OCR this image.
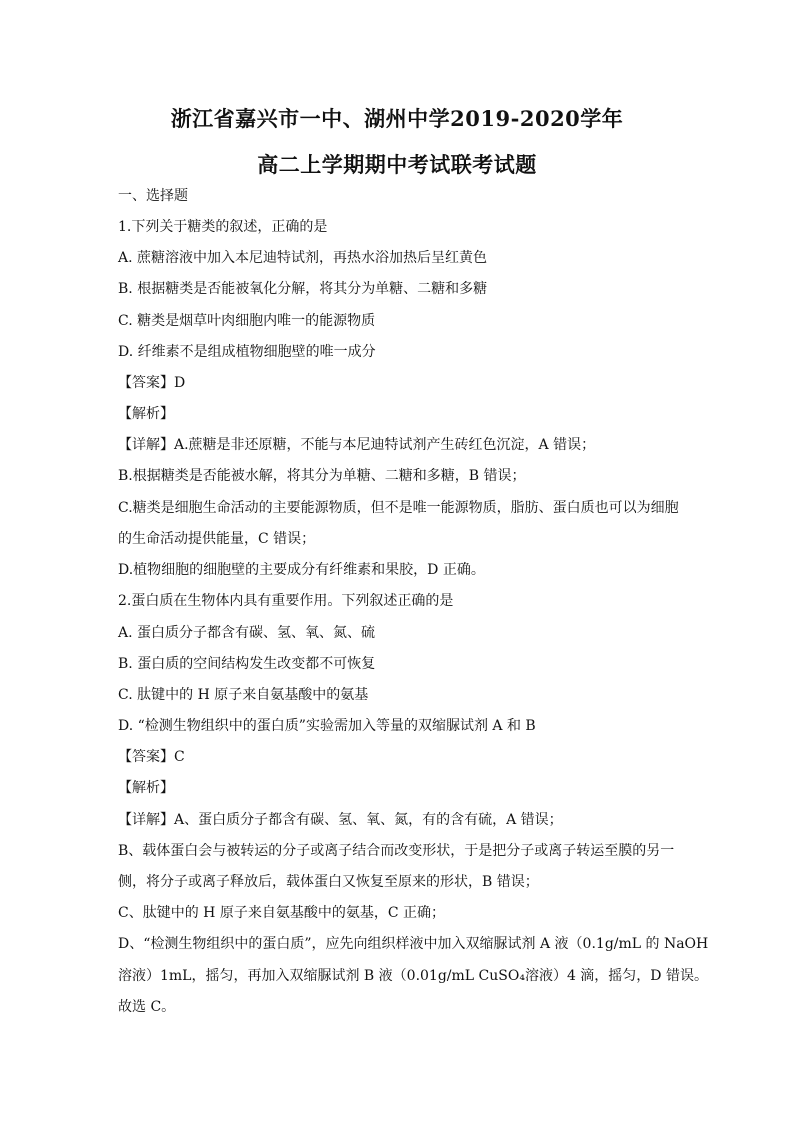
浙江省嘉兴市一中、湖州中学2019-2020学年
高二上学期期中考试联考试题
一、选择题
1.下列关于糖类的叙述，正确的是
A. 蔗糖溶液中加入本尼迪特试剂，再热水浴加热后呈红黄色
B. 根据糖类是否能被氧化分解，将其分为单糖、二糖和多糖
C. 糖类是烟草叶肉细胞内唯一的能源物质
D. 纤维素不是组成植物细胞壁的唯一成分
【答案】D
【解析】
【详解】A.蔗糖是非还原糖，不能与本尼迪特试剂产生砖红色沉淀，A 错误；
B.根据糖类是否能被水解，将其分为单糖、二糖和多糖，B 错误；
C.糖类是细胞生命活动的主要能源物质，但不是唯一能源物质，脂肪、蛋白质也可以为细胞
的生命活动提供能量，C 错误；
D.植物细胞的细胞壁的主要成分有纤维素和果胶，D 正确。
2.蛋白质在生物体内具有重要作用。下列叙述正确的是
A. 蛋白质分子都含有碳、氢、氧、氮、硫
B. 蛋白质的空间结构发生改变都不可恢复
C. 肽键中的 H 原子来自氨基酸中的氨基
D. “检测生物组织中的蛋白质”实验需加入等量的双缩脲试剂 A 和 B
【答案】C
【解析】
【详解】A、蛋白质分子都含有碳、氢、氧、氮，有的含有硫，A 错误；
B、载体蛋白会与被转运的分子或离子结合而改变形状，于是把分子或离子转运至膜的另一
侧，将分子或离子释放后，载体蛋白又恢复至原来的形状，B 错误；
C、肽键中的 H 原子来自氨基酸中的氨基，C 正确；
D、“检测生物组织中的蛋白质”，应先向组织样液中加入双缩脲试剂 A 液（0.1g/mL 的 NaOH
溶液）1mL，摇匀，再加入双缩脲试剂 B 液（0.01g/mL CuSO₄溶液）4 滴，摇匀，D 错误。
故选 C。
